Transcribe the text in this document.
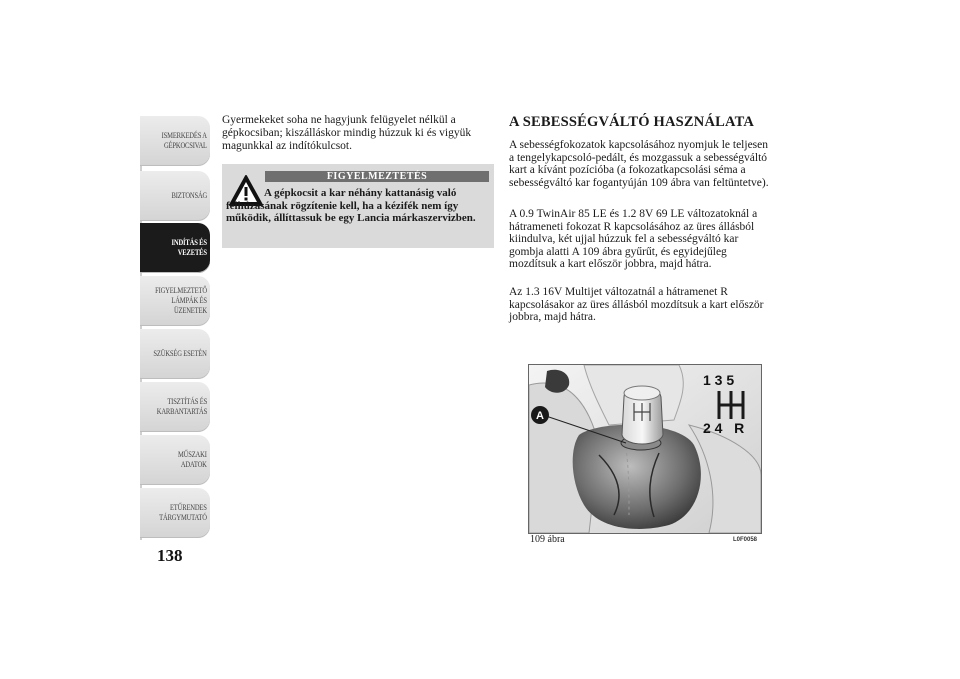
ISMERKEDÉS A
GÉPKOCSIVAL
BIZTONSÁG
INDÍTÁS ÉS
VEZETÉS
FIGYELMEZTETŐ
LÁMPÁK ÉS
ÜZENETEK
SZÜKSÉG ESETÉN
TISZTÍTÁS ÉS
KARBANTARTÁS
MŰSZAKI ADATOK
ETŰRENDES
TÁRGYMUTATÓ
138

Gyermekeket soha ne hagyjunk felügyelet nélkül a gépkocsiban; kiszálláskor mindig húzzuk ki és vigyük magunkkal az indítókulcsot.

FIGYELMEZTETÉS

A gépkocsit a kar néhány kattanásig való felhúzásának rögzítenie kell, ha a kézifék nem így működik, állíttassuk be egy Lancia márkaszervizben.

A SEBESSÉGVÁLTÓ HASZNÁLATA

A sebességfokozatok kapcsolásához nyomjuk le teljesen a tengelykapcsoló-pedált, és mozgassuk a sebességváltó kart a kívánt pozícióba (a fokozatkapcsolási séma a sebességváltó kar fogantyúján 109 ábra van feltüntetve).

A 0.9 TwinAir 85 LE és 1.2 8V 69 LE változatoknál a hátrameneti fokozat R kapcsolásához az üres állásból kiindulva, két ujjal húzzuk fel a sebességváltó kar gombja alatti A 109 ábra gyűrűt, és egyidejűleg mozdítsuk a kart először jobbra, majd hátra.

Az 1.3 16V Multijet változatnál a hátramenet R kapcsolásakor az üres állásból mozdítsuk a kart először jobbra, majd hátra.

1 3 5
2 4   R
A
109 ábra	L0F0058
